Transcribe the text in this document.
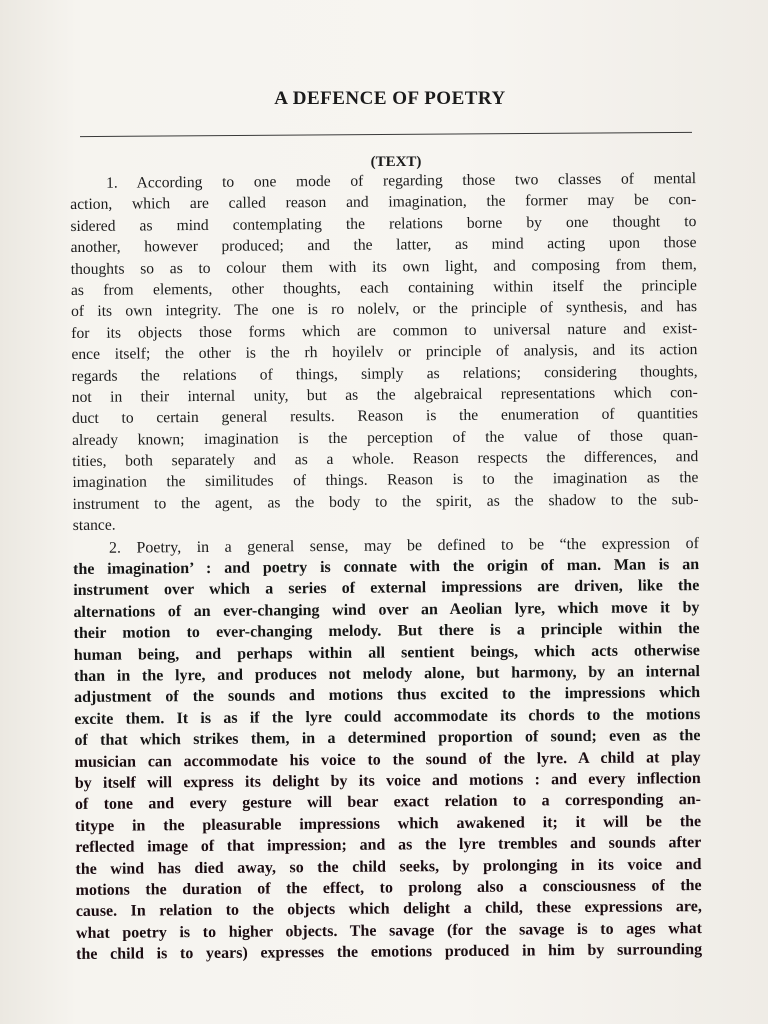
A DEFENCE OF POETRY
(TEXT)
1. According to one mode of regarding those two classes of mental
action, which are called reason and imagination, the former may be con-
sidered as mind contemplating the relations borne by one thought to
another, however produced; and the latter, as mind acting upon those
thoughts so as to colour them with its own light, and composing from them,
as from elements, other thoughts, each containing within itself the principle
of its own integrity. The one is ro nolelv, or the principle of synthesis, and has
for its objects those forms which are common to universal nature and exist-
ence itself; the other is the rh hoyilelv or principle of analysis, and its action
regards the relations of things, simply as relations; considering thoughts,
not in their internal unity, but as the algebraical representations which con-
duct to certain general results. Reason is the enumeration of quantities
already known; imagination is the perception of the value of those quan-
tities, both separately and as a whole. Reason respects the differences, and
imagination the similitudes of things. Reason is to the imagination as the
instrument to the agent, as the body to the spirit, as the shadow to the sub-
stance.
2. Poetry, in a general sense, may be defined to be “the expression of
the imagination’ : and poetry is connate with the origin of man. Man is an
instrument over which a series of external impressions are driven, like the
alternations of an ever-changing wind over an Aeolian lyre, which move it by
their motion to ever-changing melody. But there is a principle within the
human being, and perhaps within all sentient beings, which acts otherwise
than in the lyre, and produces not melody alone, but harmony, by an internal
adjustment of the sounds and motions thus excited to the impressions which
excite them. It is as if the lyre could accommodate its chords to the motions
of that which strikes them, in a determined proportion of sound; even as the
musician can accommodate his voice to the sound of the lyre. A child at play
by itself will express its delight by its voice and motions : and every inflection
of tone and every gesture will bear exact relation to a corresponding an-
titype in the pleasurable impressions which awakened it; it will be the
reflected image of that impression; and as the lyre trembles and sounds after
the wind has died away, so the child seeks, by prolonging in its voice and
motions the duration of the effect, to prolong also a consciousness of the
cause. In relation to the objects which delight a child, these expressions are,
what poetry is to higher objects. The savage (for the savage is to ages what
the child is to years) expresses the emotions produced in him by surrounding
